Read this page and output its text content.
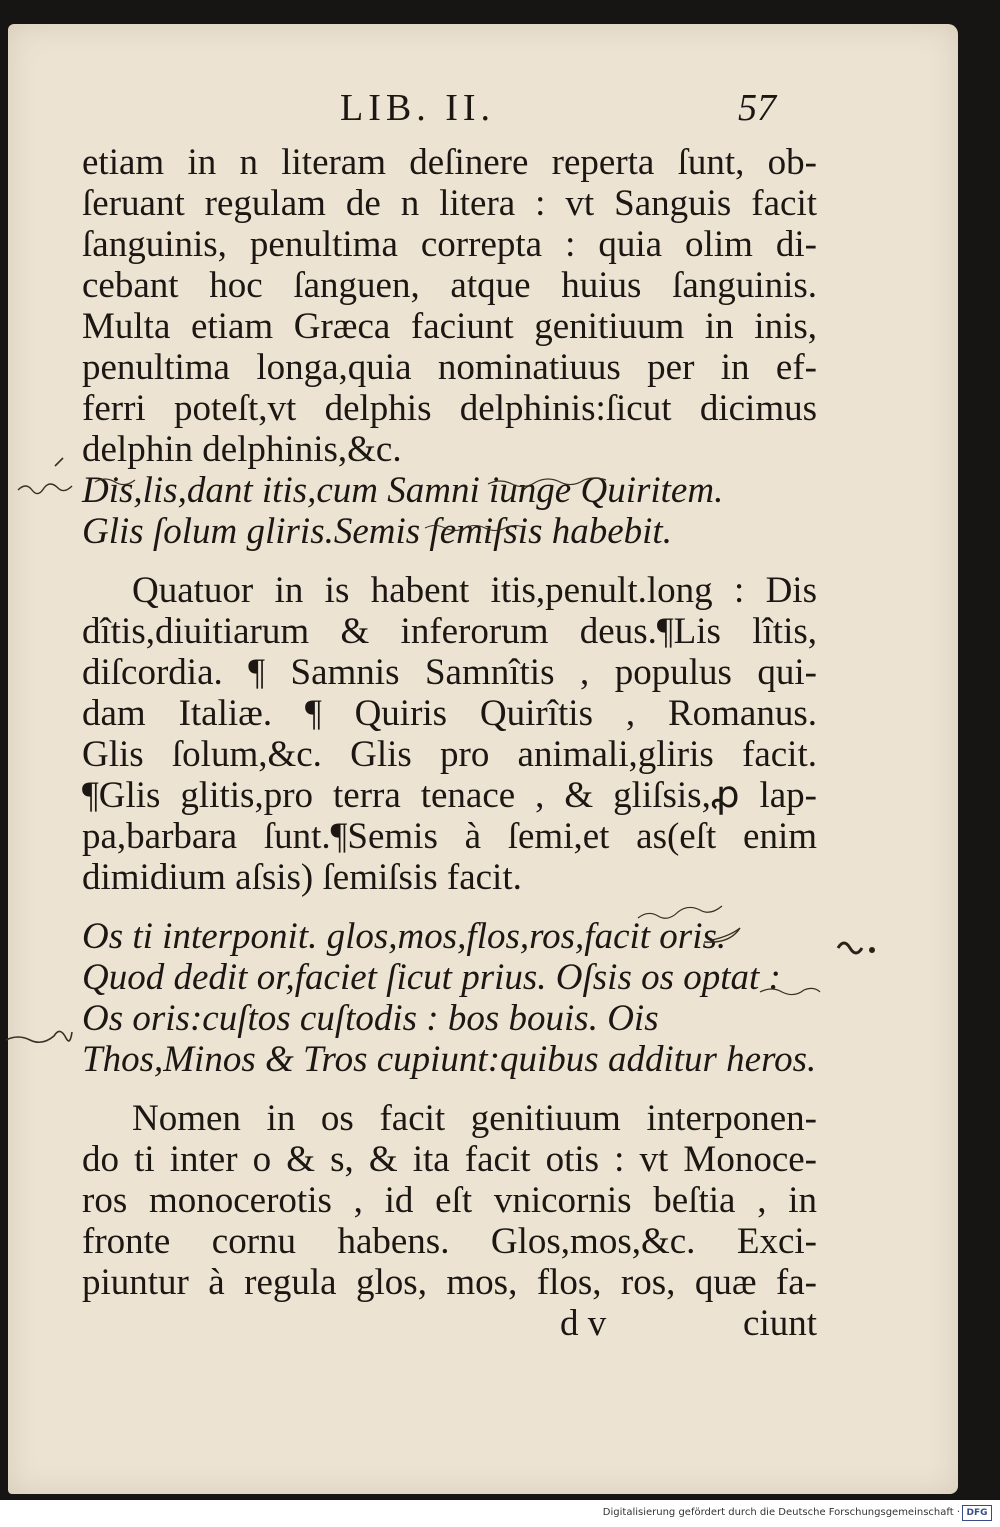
LIB. II.	57
etiam in n literam deſinere reperta ſunt, ob-
ſeruant regulam de n litera : vt Sanguis facit
ſanguinis, penultima correpta : quia olim di-
cebant hoc ſanguen, atque huius ſanguinis.
Multa etiam Græca faciunt genitiuum in inis,
penultima longa,quia nominatiuus per in ef-
ferri poteſt,vt delphis delphinis:ſicut dicimus
delphin delphinis,&c.
Dis,lis,dant itis,cum Samni iunge Quiritem.
Glis ſolum gliris.Semis ſemiſsis habebit.
Quatuor in is habent itis,penult.long : Dis
dîtis,diuitiarum & inferorum deus.¶Lis lîtis,
diſcordia. ¶ Samnis Samnîtis , populus qui-
dam Italiæ. ¶ Quiris Quirîtis , Romanus.
Glis ſolum,&c. Glis pro animali,gliris facit.
¶Glis glitis,pro terra tenace , & gliſsis,ꝓ lap-
pa,barbara ſunt.¶Semis à ſemi,et as(eſt enim
dimidium aſsis) ſemiſsis facit.
Os ti interponit. glos,mos,flos,ros,facit oris.
Quod dedit or,faciet ſicut prius. Oſsis os optat :
Os oris:cuſtos cuſtodis : bos bouis. Ois
Thos,Minos & Tros cupiunt:quibus additur heros.
Nomen in os facit genitiuum interponen-
do ti inter o & s, & ita facit otis : vt Monoce-
ros monocerotis , id eſt vnicornis beſtia , in
fronte cornu habens. Glos,mos,&c. Exci-
piuntur à regula glos, mos, flos, ros, quæ fa-
d v	ciunt
Digitalisierung gefördert durch die Deutsche Forschungsgemeinschaft · DFG
